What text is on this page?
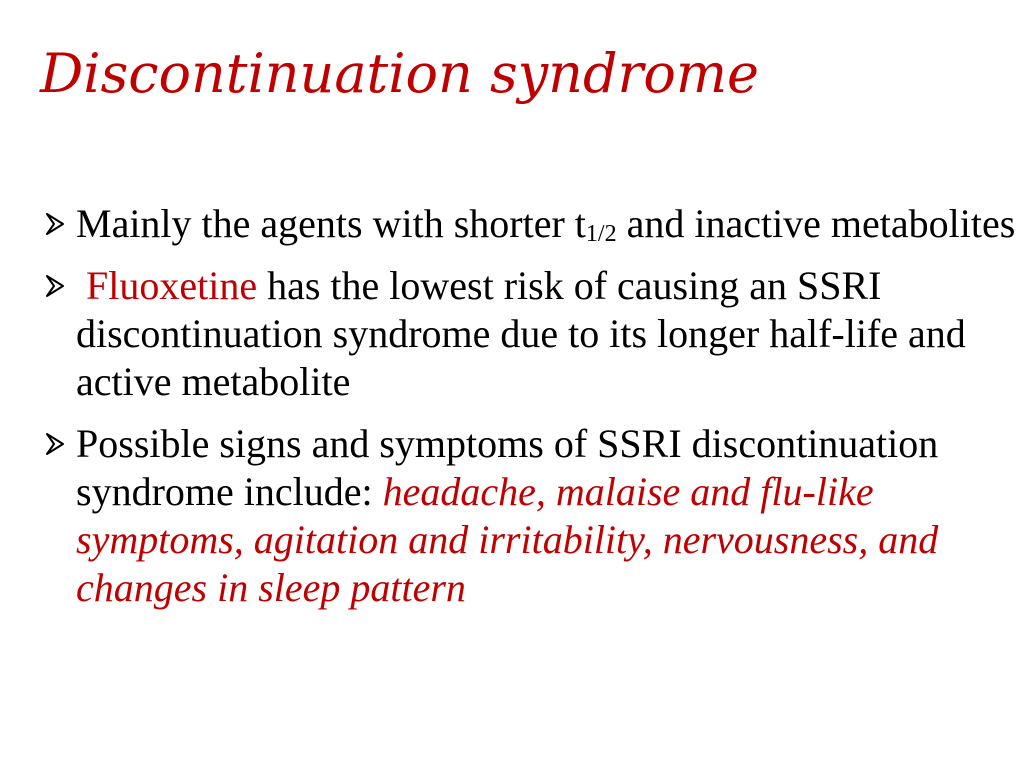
Discontinuation syndrome
Mainly the agents with shorter $t_{1/2}$ and inactive metabolites
Fluoxetine has the lowest risk of causing an SSRI discontinuation syndrome due to its longer half-life and active metabolite
Possible signs and symptoms of SSRI discontinuation syndrome include: headache, malaise and flu-like symptoms, agitation and irritability, nervousness, and changes in sleep pattern
